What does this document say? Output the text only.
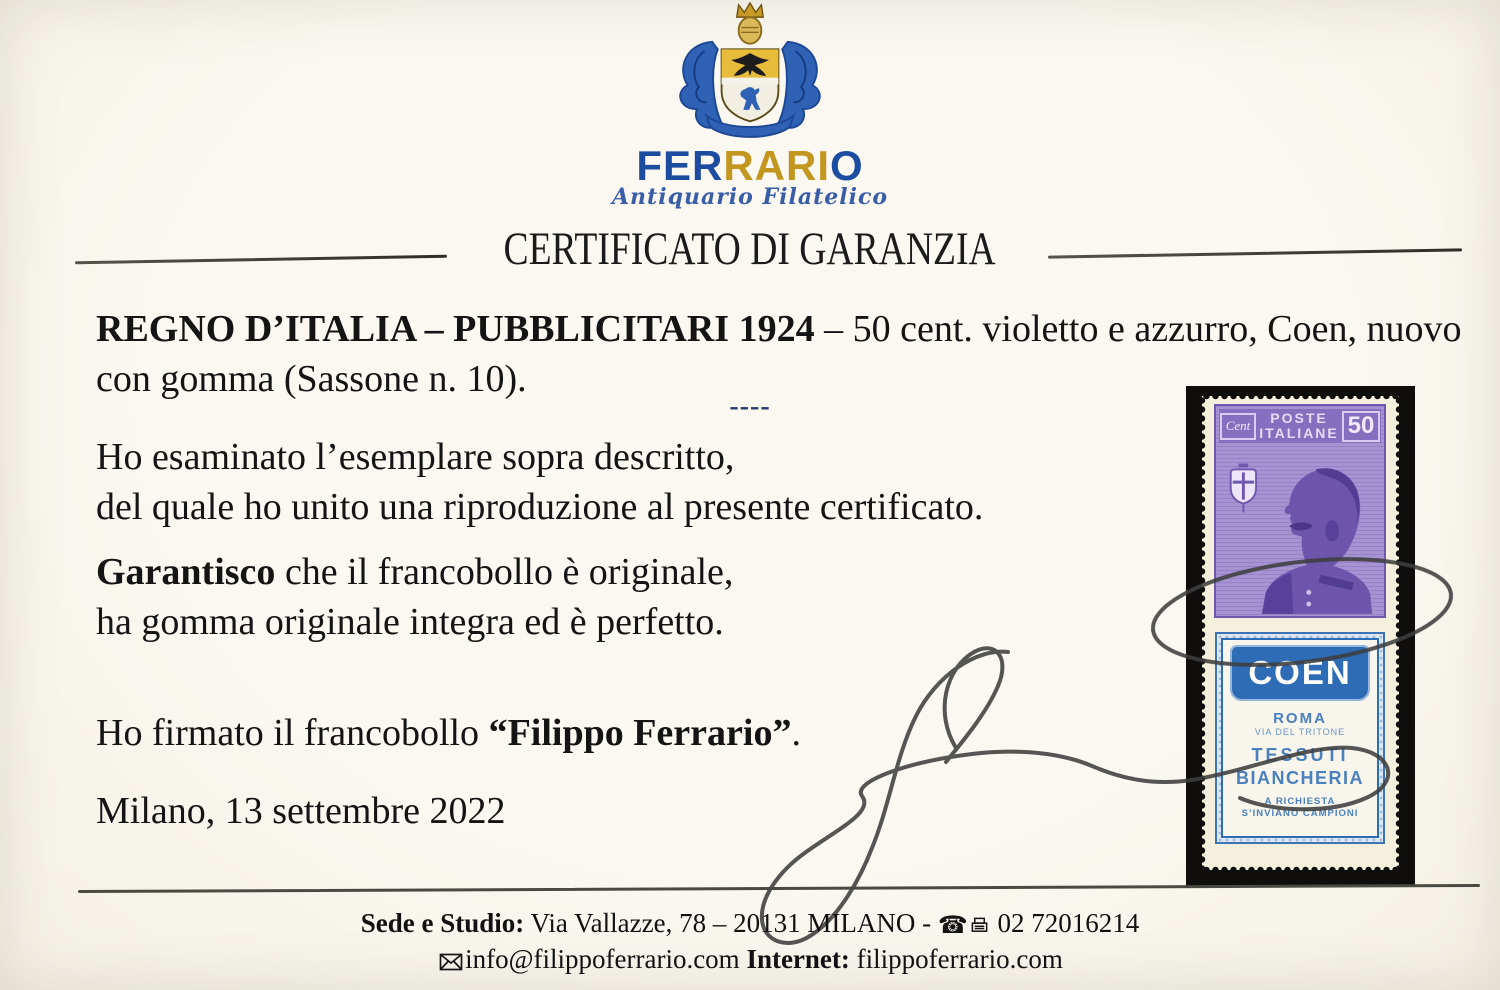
FERRARIO
Antiquario Filatelico
CERTIFICATO DI GARANZIA
REGNO D’ITALIA – PUBBLICITARI 1924 – 50 cent. violetto e azzurro, Coen, nuovo
con gomma (Sassone n. 10).
----
Ho esaminato l’esemplare sopra descritto,
del quale ho unito una riproduzione al presente certificato.
Garantisco che il francobollo è originale,
ha gomma originale integra ed è perfetto.
Ho firmato il francobollo “Filippo Ferrario”.
Milano, 13 settembre 2022
Cent	POSTE
ITALIANE 50
COEN
ROMA
VIA DEL TRITONE
TESSUTI
BIANCHERIA
A RICHIESTA
S’INVIANO CAMPIONI
Sede e Studio: Via Vallazze, 78 – 20131 MILANO - ☎ 02 72016214
info@filippoferrario.com Internet: filippoferrario.com
